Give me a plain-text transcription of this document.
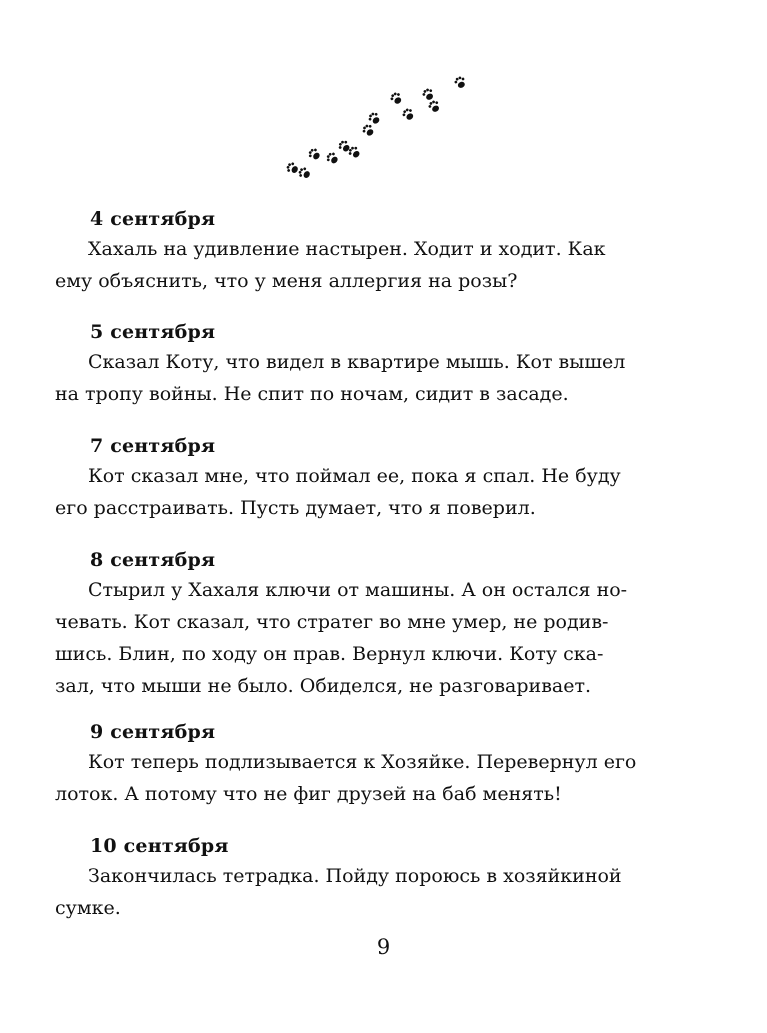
4 сентября

Хахаль на удивление настырен. Ходит и ходит. Как
ему объяснить, что у меня аллергия на розы?

5 сентября

Сказал Коту, что видел в квартире мышь. Кот вышел
на тропу войны. Не спит по ночам, сидит в засаде.

7 сентября

Кот сказал мне, что поймал ее, пока я спал. Не буду
его расстраивать. Пусть думает, что я поверил.

8 сентября

Стырил у Хахаля ключи от машины. А он остался но-
чевать. Кот сказал, что стратег во мне умер, не родив-
шись. Блин, по ходу он прав. Вернул ключи. Коту ска-
зал, что мыши не было. Обиделся, не разговаривает.

9 сентября

Кот теперь подлизывается к Хозяйке. Перевернул его
лоток. А потому что не фиг друзей на баб менять!

10 сентября

Закончилась тетрадка. Пойду пороюсь в хозяйкиной
сумке.

9
